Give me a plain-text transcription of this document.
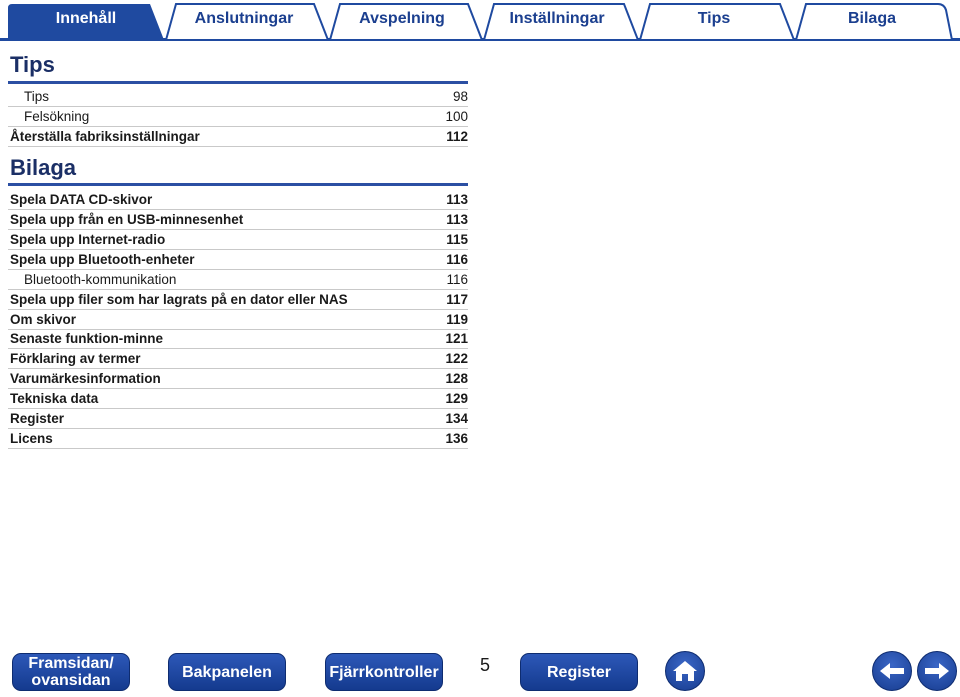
Innehåll	Anslutningar	Avspelning	Inställningar	Tips	Bilaga
Tips
Tips	98
Felsökning	100
Återställa fabriksinställningar	112
Bilaga
Spela DATA CD-skivor	113
Spela upp från en USB-minnesenhet	113
Spela upp Internet-radio	115
Spela upp Bluetooth-enheter	116
Bluetooth-kommunikation	116
Spela upp filer som har lagrats på en dator eller NAS	117
Om skivor	119
Senaste funktion-minne	121
Förklaring av termer	122
Varumärkesinformation	128
Tekniska data	129
Register	134
Licens	136
Framsidan/
ovansidan	Bakpanelen	Fjärrkontroller	5	Register
